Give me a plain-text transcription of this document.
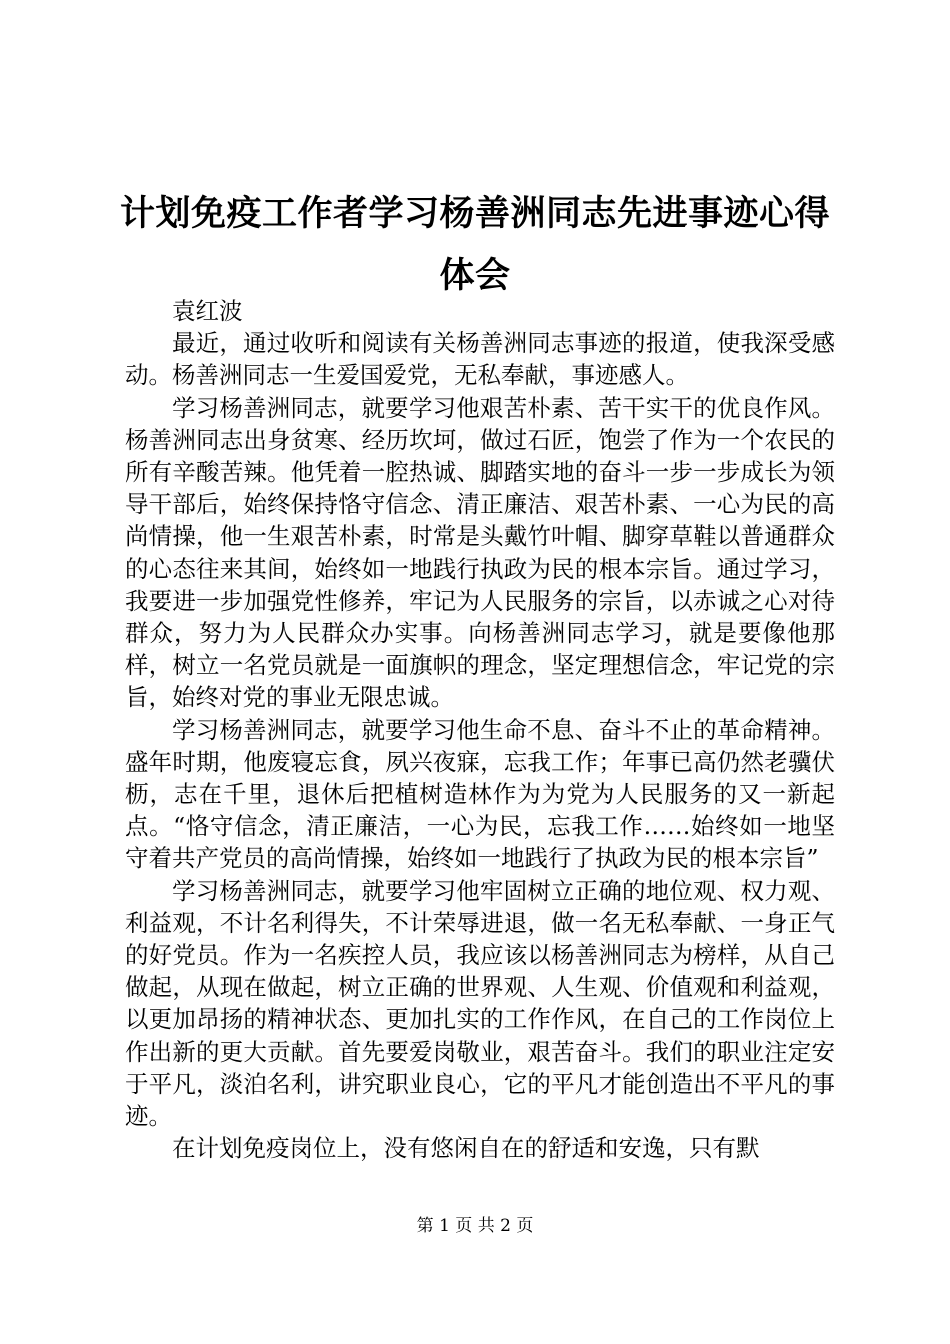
计划免疫工作者学习杨善洲同志先进事迹心得
体会

袁红波

最近，通过收听和阅读有关杨善洲同志事迹的报道，使我深受感动。杨善洲同志一生爱国爱党，无私奉献，事迹感人。

学习杨善洲同志，就要学习他艰苦朴素、苦干实干的优良作风。杨善洲同志出身贫寒、经历坎坷，做过石匠，饱尝了作为一个农民的所有辛酸苦辣。他凭着一腔热诚、脚踏实地的奋斗一步一步成长为领导干部后，始终保持恪守信念、清正廉洁、艰苦朴素、一心为民的高尚情操，他一生艰苦朴素，时常是头戴竹叶帽、脚穿草鞋以普通群众的心态往来其间，始终如一地践行执政为民的根本宗旨。通过学习，我要进一步加强党性修养，牢记为人民服务的宗旨，以赤诚之心对待群众，努力为人民群众办实事。向杨善洲同志学习，就是要像他那样，树立一名党员就是一面旗帜的理念，坚定理想信念，牢记党的宗旨，始终对党的事业无限忠诚。

学习杨善洲同志，就要学习他生命不息、奋斗不止的革命精神。盛年时期，他废寝忘食，夙兴夜寐，忘我工作；年事已高仍然老骥伏枥，志在千里，退休后把植树造林作为为党为人民服务的又一新起点。“恪守信念，清正廉洁，一心为民，忘我工作……始终如一地坚守着共产党员的高尚情操，始终如一地践行了执政为民的根本宗旨”

学习杨善洲同志，就要学习他牢固树立正确的地位观、权力观、利益观，不计名利得失，不计荣辱进退，做一名无私奉献、一身正气的好党员。作为一名疾控人员，我应该以杨善洲同志为榜样，从自己做起，从现在做起，树立正确的世界观、人生观、价值观和利益观，以更加昂扬的精神状态、更加扎实的工作作风，在自己的工作岗位上作出新的更大贡献。首先要爱岗敬业，艰苦奋斗。我们的职业注定安于平凡，淡泊名利，讲究职业良心，它的平凡才能创造出不平凡的事迹。

在计划免疫岗位上，没有悠闲自在的舒适和安逸，只有默

第 1 页 共 2 页
